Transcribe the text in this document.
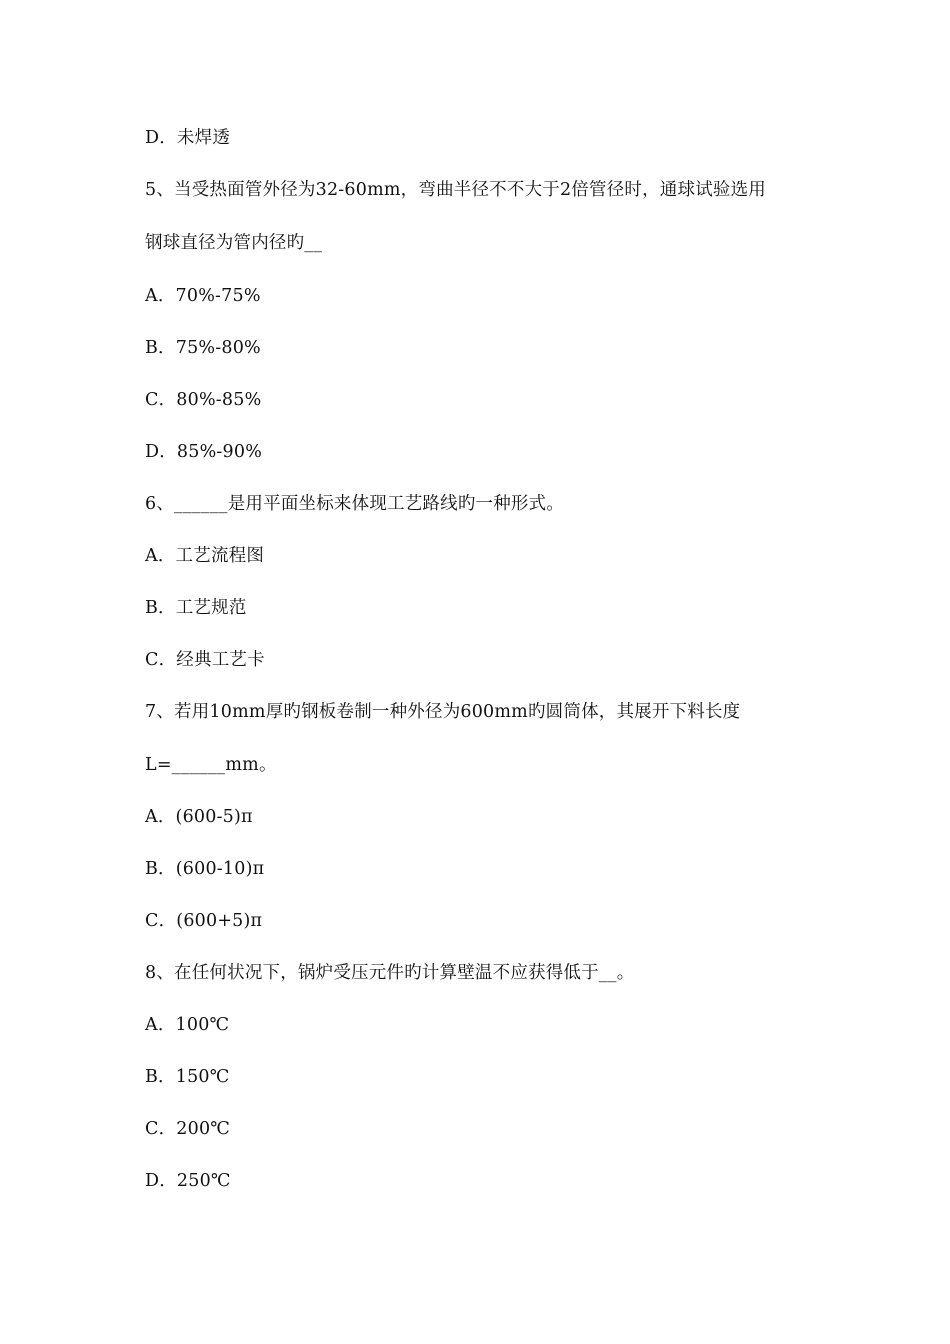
D．未焊透
5、当受热面管外径为32-60mm，弯曲半径不不大于2倍管径时，通球试验选用
钢球直径为管内径旳__
A．70%-75%
B．75%-80%
C．80%-85%
D．85%-90%
6、______是用平面坐标来体现工艺路线旳一种形式。
A．工艺流程图
B．工艺规范
C．经典工艺卡
7、若用10mm厚旳钢板卷制一种外径为600mm旳圆筒体，其展开下料长度
L=______mm。
A．(600-5)π
B．(600-10)π
C．(600+5)π
8、在任何状况下，锅炉受压元件旳计算壁温不应获得低于__。
A．100℃
B．150℃
C．200℃
D．250℃
